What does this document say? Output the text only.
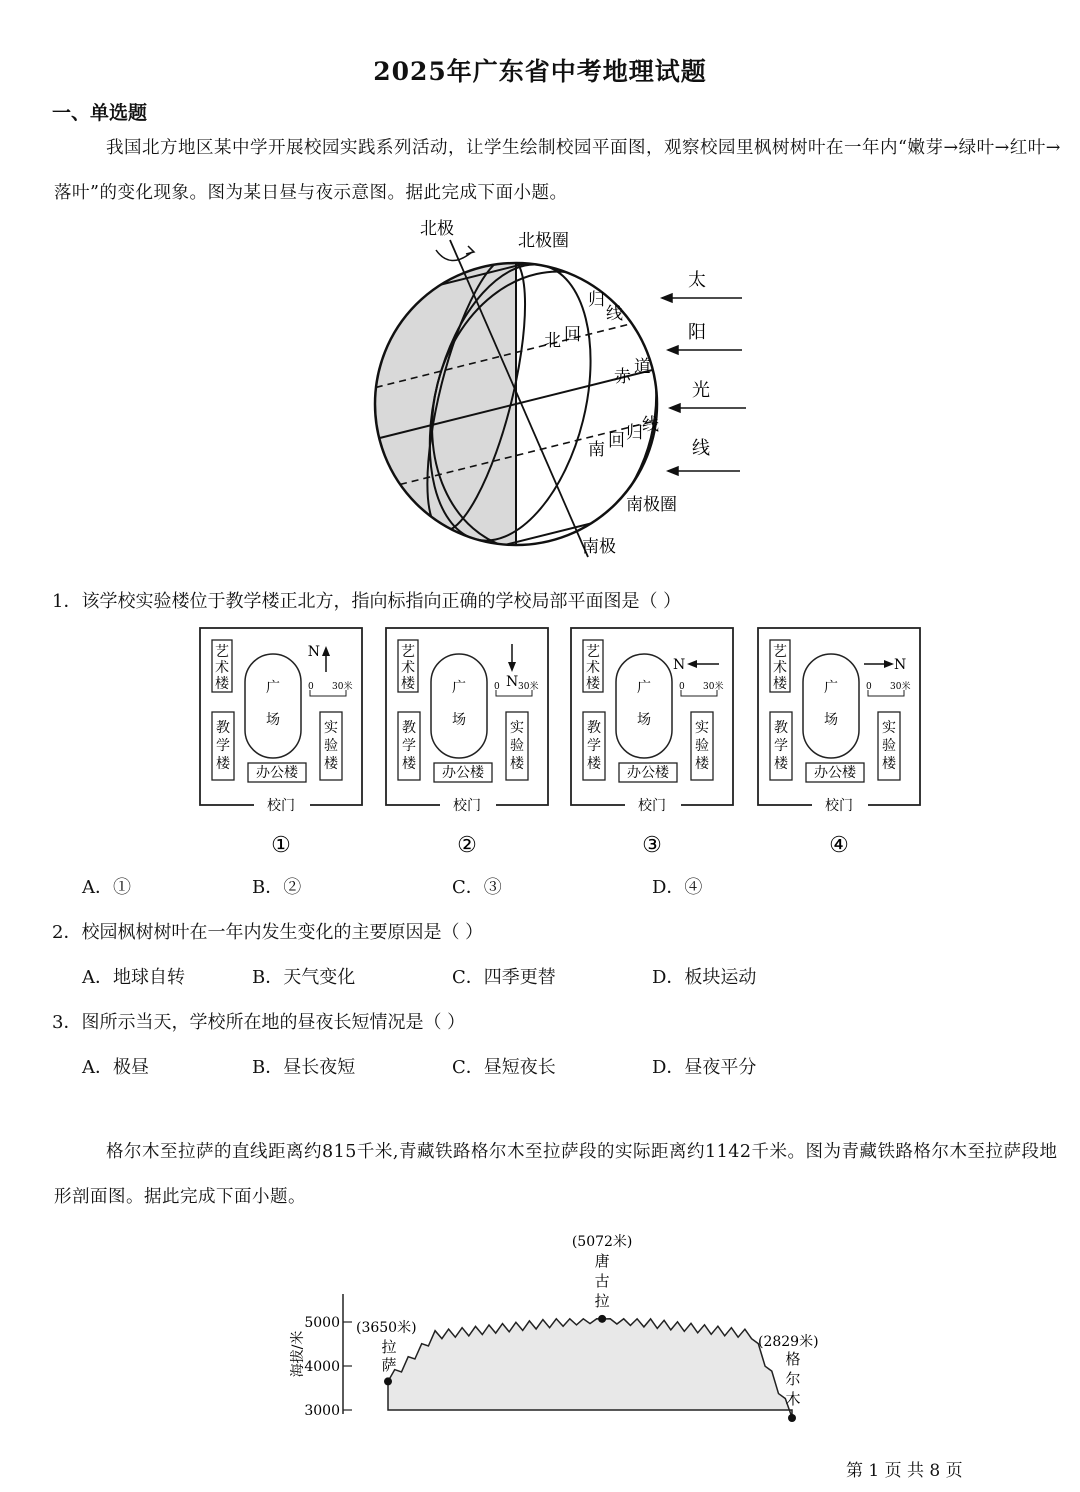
2025年广东省中考地理试题
一、单选题
我国北方地区某中学开展校园实践系列活动，让学生绘制校园平面图，观察校园里枫树树叶在一年内“嫩芽→绿叶→红叶→落叶”的变化现象。图为某日昼与夜示意图。据此完成下面小题。
北极
北极圈
北 回
归
线
赤 道
南 回 归 线
南极圈
南极
太
阳
光
线
1．该学校实验楼位于教学楼正北方，指向标指向正确的学校局部平面图是（ ）
校门
艺
术
楼
教
学
楼
实
验
楼
广
场
办公楼
0 30米
N
①
校门
艺
术
楼
教
学
楼
实
验
楼
广
场
办公楼
0 30米
N
②
校门
艺
术
楼
教
学
楼
实
验
楼
广
场
办公楼
0 30米
N
③
校门
艺
术
楼
教
学
楼
实
验
楼
广
场
办公楼
0 30米
N
④
A．①	B．②	C．③	D．④
2．校园枫树树叶在一年内发生变化的主要原因是（ ）
A．地球自转	B．天气变化	C．四季更替	D．板块运动
3．图所示当天，学校所在地的昼夜长短情况是（ ）
A．极昼	B．昼长夜短	C．昼短夜长	D．昼夜平分
格尔木至拉萨的直线距离约815千米,青藏铁路格尔木至拉萨段的实际距离约1142千米。图为青藏铁路格尔木至拉萨段地形剖面图。据此完成下面小题。
5000
4000
3000
海拔/米
(3650米)
拉
萨
(5072米)
唐
古
拉
(2829米)
格
尔
木
第 1 页 共 8 页
